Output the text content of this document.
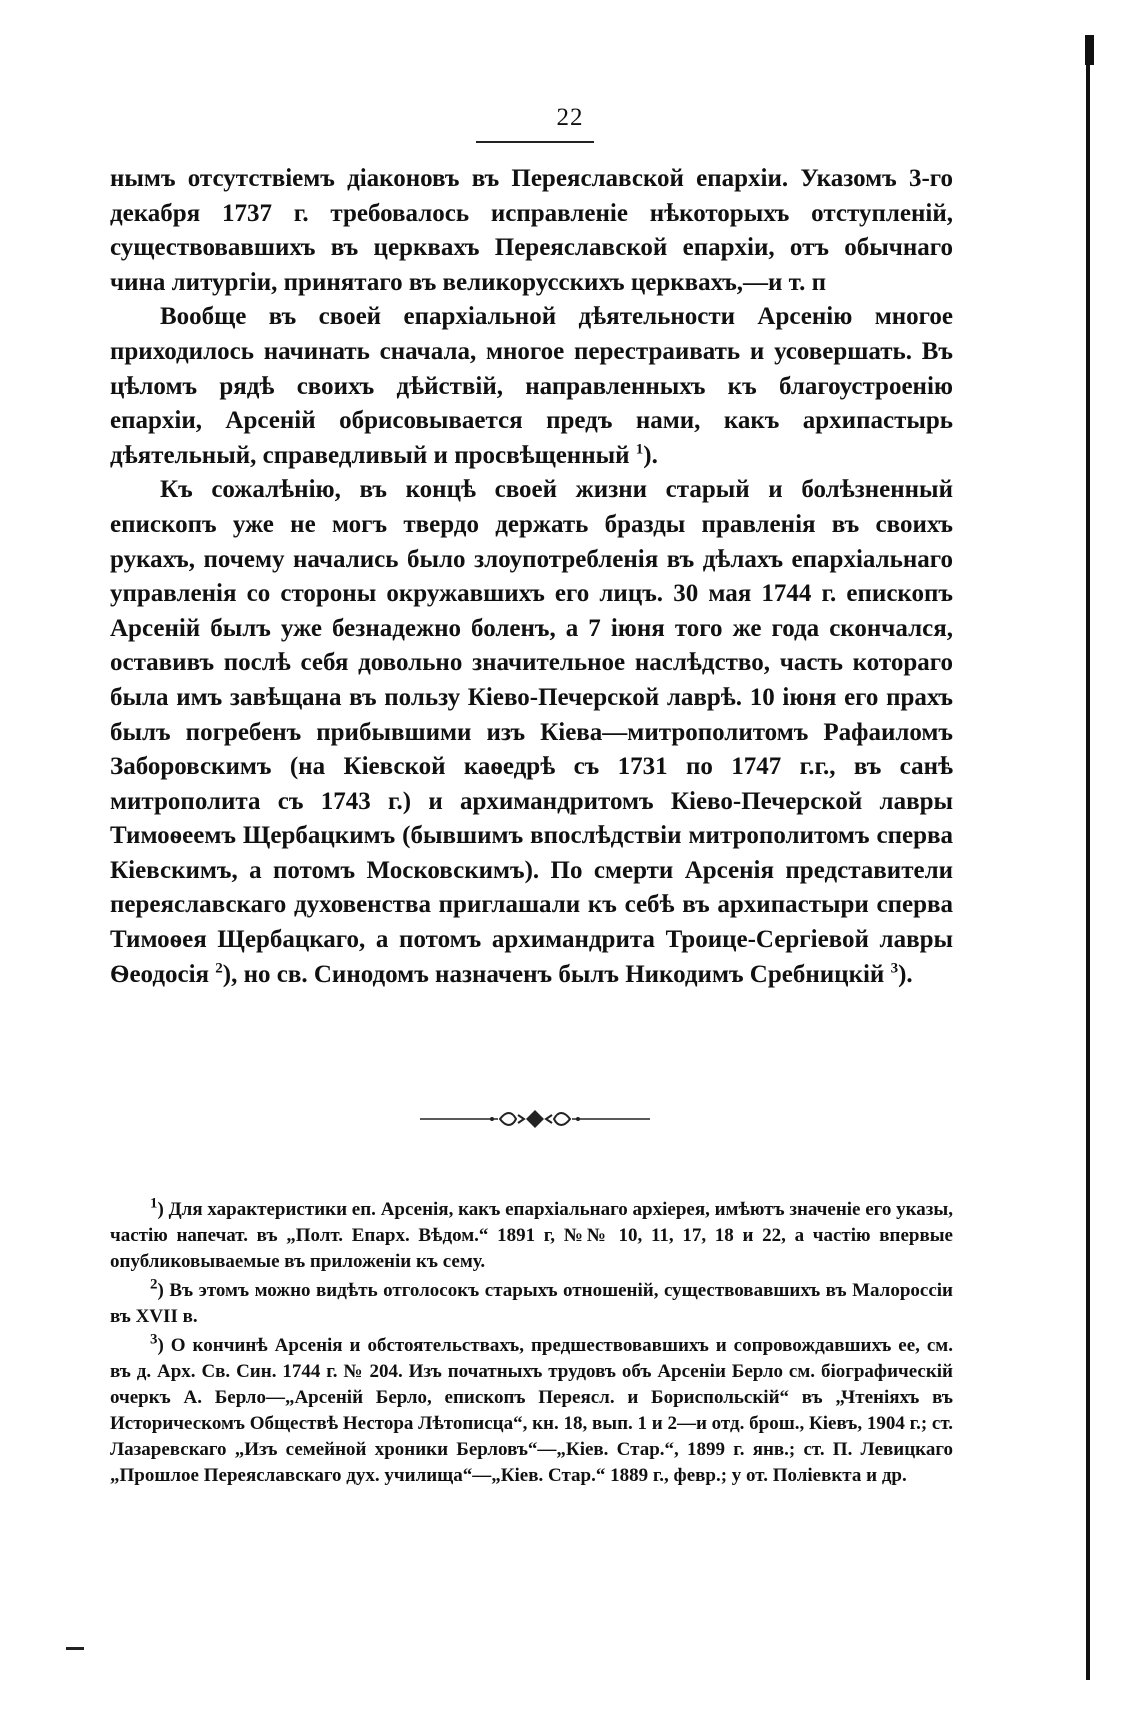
22

нымъ отсутствіемъ діаконовъ въ Переяславской епархіи. Указомъ 3-го декабря 1737 г. требовалось исправленіе нѣкоторыхъ отступленій, существовавшихъ въ церквахъ Переяславской епархіи, отъ обычнаго чина литургіи, принятаго въ великорусскихъ церквахъ,—и т. п

Вообще въ своей епархіальной дѣятельности Арсенію многое приходилось начинать сначала, многое перестраивать и усовершать. Въ цѣломъ рядѣ своихъ дѣйствій, направленныхъ къ благоустроенію епархіи, Арсеній обрисовывается предъ нами, какъ архипастырь дѣятельный, справедливый и просвѣщенный $^1$).

Къ сожалѣнію, въ концѣ своей жизни старый и болѣзненный епископъ уже не могъ твердо держать бразды правленія въ своихъ рукахъ, почему начались было злоупотребленія въ дѣлахъ епархіальнаго управленія со стороны окружавшихъ его лицъ. 30 мая 1744 г. епископъ Арсеній былъ уже безнадежно боленъ, а 7 іюня того же года скончался, оставивъ послѣ себя довольно значительное наслѣдство, часть котораго была имъ завѣщана въ пользу Кіево-Печерской лаврѣ. 10 іюня его прахъ былъ погребенъ прибывшими изъ Кіева—митрополитомъ Рафаиломъ Заборовскимъ (на Кіевской каѳедрѣ съ 1731 по 1747 г.г., въ санѣ митрополита съ 1743 г.) и архимандритомъ Кіево-Печерской лавры Тимоѳеемъ Щербацкимъ (бывшимъ впослѣдствіи митрополитомъ сперва Кіевскимъ, а потомъ Московскимъ). По смерти Арсенія представители переяславскаго духовенства приглашали къ себѣ въ архипастыри сперва Тимоѳея Щербацкаго, а потомъ архимандрита Троице-Сергіевой лавры Ѳеодосія $^2$), но св. Синодомъ назначенъ былъ Никодимъ Сребницкій $^3$).

$^1$) Для характеристики еп. Арсенія, какъ епархіальнаго архіерея, имѣютъ значеніе его указы, частію напечат. въ „Полт. Епарх. Вѣдом.“ 1891 г, №№ 10, 11, 17, 18 и 22, а частію впервые опубликовываемые въ приложеніи къ сему.

$^2$) Въ этомъ можно видѣть отголосокъ старыхъ отношеній, существовавшихъ въ Малороссіи въ XVII в.

$^3$) О кончинѣ Арсенія и обстоятельствахъ, предшествовавшихъ и сопровождавшихъ ее, см. въ д. Арх. Св. Син. 1744 г. № 204. Изъ початныхъ трудовъ объ Арсеніи Берло см. біографическій очеркъ А. Берло—„Арсеній Берло, епископъ Переясл. и Бориспольскій“ въ „Чтеніяхъ въ Историческомъ Обществѣ Нестора Лѣтописца“, кн. 18, вып. 1 и 2—и отд. брош., Кіевъ, 1904 г.; ст. Лазаревскаго „Изъ семейной хроники Берловъ“—„Кіев. Стар.“, 1899 г. янв.; ст. П. Левицкаго „Прошлое Переяславскаго дух. училища“—„Кіев. Стар.“ 1889 г., февр.; у от. Поліевкта и др.
